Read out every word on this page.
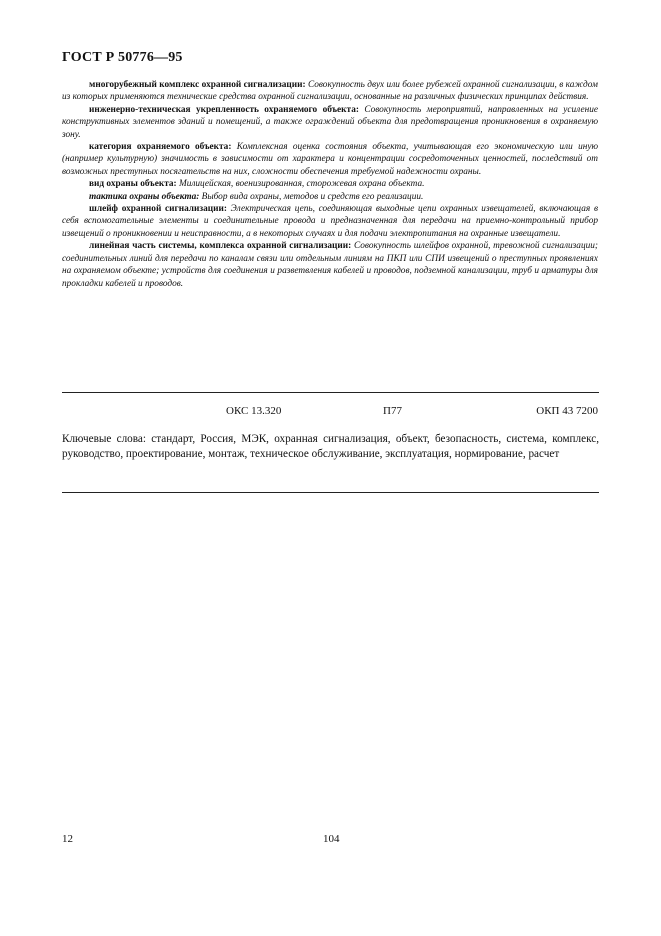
ГОСТ Р 50776—95

многорубежный комплекс охранной сигнализации: Совокупность двух или более рубежей охранной сигнализации, в каждом из которых применяются технические средства охранной сигнализации, основанные на различных физических принципах действия.

инженерно-техническая укрепленность охраняемого объекта: Совокупность мероприятий, направленных на усиление конструктивных элементов зданий и помещений, а также ограждений объекта для предотвращения проникновения в охраняемую зону.

категория охраняемого объекта: Комплексная оценка состояния объекта, учитывающая его экономическую или иную (например культурную) значимость в зависимости от характера и концентрации сосредоточенных ценностей, последствий от возможных преступных посягательств на них, сложности обеспечения требуемой надежности охраны.

вид охраны объекта: Милицейская, военизированная, сторожевая охрана объекта.

тактика охраны объекта: Выбор вида охраны, методов и средств его реализации.

шлейф охранной сигнализации: Электрическая цепь, соединяющая выходные цепи охранных извещателей, включающая в себя вспомогательные элементы и соединительные провода и предназначенная для передачи на приемно-контрольный прибор извещений о проникновении и неисправности, а в некоторых случаях и для подачи электропитания на охранные извещатели.

линейная часть системы, комплекса охранной сигнализации: Совокупность шлейфов охранной, тревожной сигнализации; соединительных линий для передачи по каналам связи или отдельным линиям на ПКП или СПИ извещений о преступных проявлениях на охраняемом объекте; устройств для соединения и разветвления кабелей и проводов, подземной канализации, труб и арматуры для прокладки кабелей и проводов.

ОКС 13.320	П77	ОКП 43 7200
Ключевые слова: стандарт, Россия, МЭК, охранная сигнализация, объект, безопасность, система, комплекс, руководство, проектирование, монтаж, техническое обслуживание, эксплуатация, нормирование, расчет
12	104
